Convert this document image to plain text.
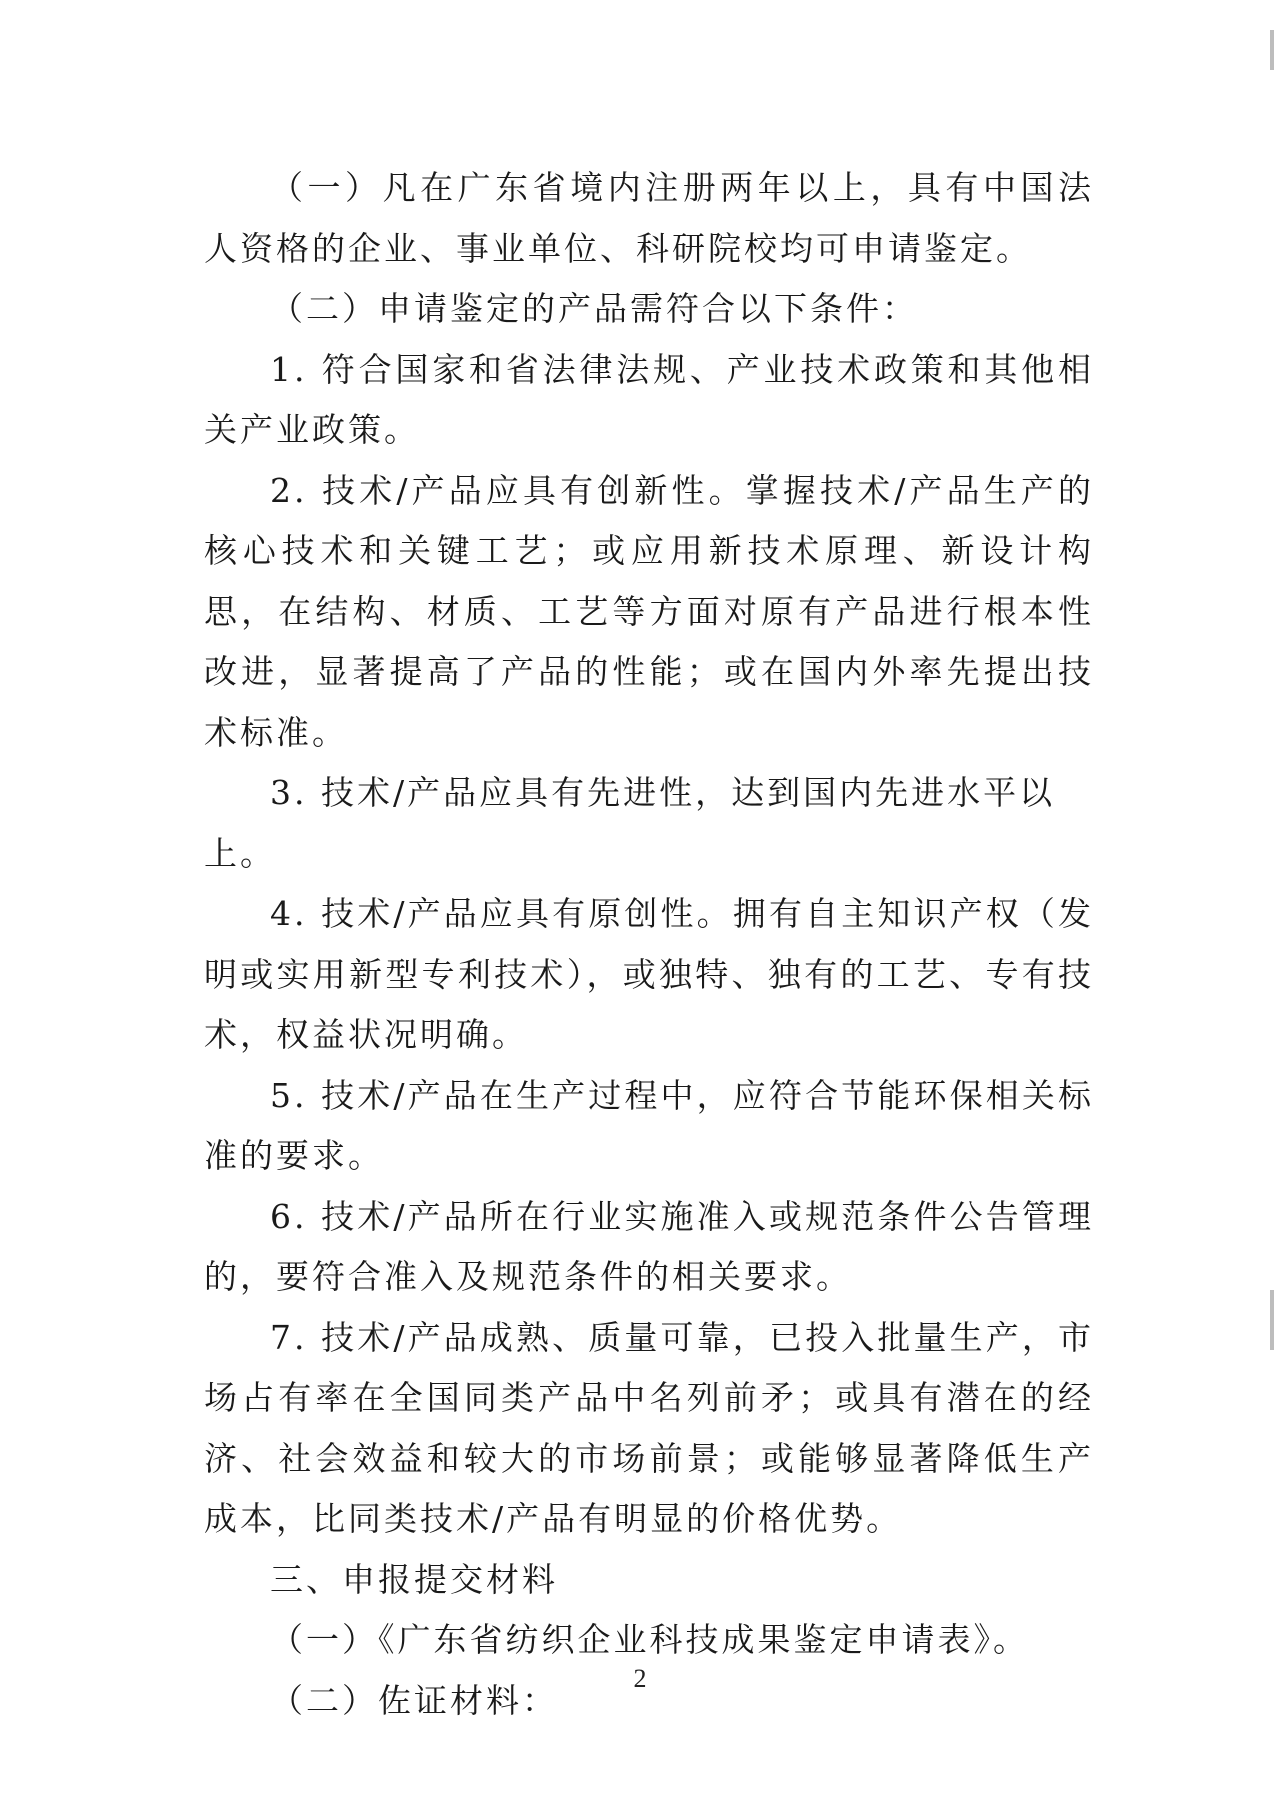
（一）凡在广东省境内注册两年以上，具有中国法人资格的企业、事业单位、科研院校均可申请鉴定。

（二）申请鉴定的产品需符合以下条件：

1. 符合国家和省法律法规、产业技术政策和其他相关产业政策。

2. 技术/产品应具有创新性。掌握技术/产品生产的核心技术和关键工艺；或应用新技术原理、新设计构思，在结构、材质、工艺等方面对原有产品进行根本性改进，显著提高了产品的性能；或在国内外率先提出技术标准。

3. 技术/产品应具有先进性，达到国内先进水平以上。

4. 技术/产品应具有原创性。拥有自主知识产权（发明或实用新型专利技术），或独特、独有的工艺、专有技术，权益状况明确。

5. 技术/产品在生产过程中，应符合节能环保相关标准的要求。

6. 技术/产品所在行业实施准入或规范条件公告管理的，要符合准入及规范条件的相关要求。

7. 技术/产品成熟、质量可靠，已投入批量生产，市场占有率在全国同类产品中名列前矛；或具有潜在的经济、社会效益和较大的市场前景；或能够显著降低生产成本，比同类技术/产品有明显的价格优势。

三、申报提交材料

（一）《广东省纺织企业科技成果鉴定申请表》。

（二）佐证材料：

2
